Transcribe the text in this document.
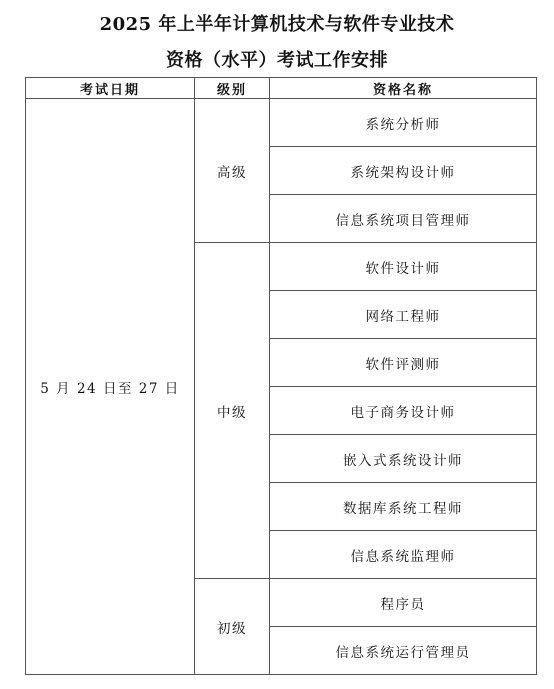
2025 年上半年计算机技术与软件专业技术
资格（水平）考试工作安排
考试日期	级别	资格名称
5 月 24 日至 27 日	高级	系统分析师
		系统架构设计师
		信息系统项目管理师
	中级	软件设计师
		网络工程师
		软件评测师
		电子商务设计师
		嵌入式系统设计师
		数据库系统工程师
		信息系统监理师
	初级	程序员
		信息系统运行管理员
